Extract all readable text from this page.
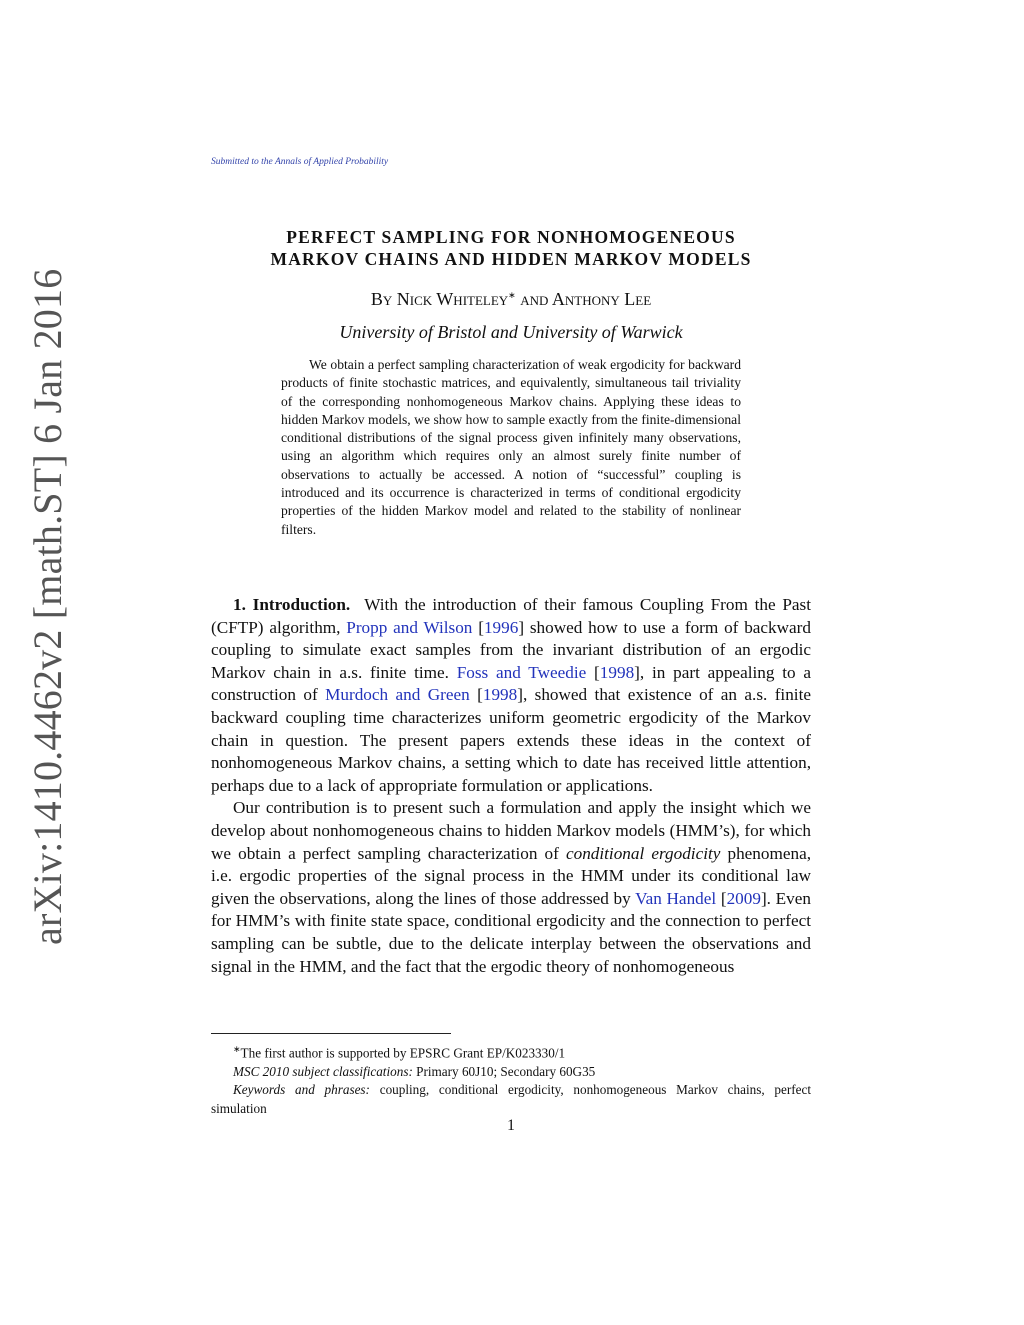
arXiv:1410.4462v2 [math.ST] 6 Jan 2016
Submitted to the Annals of Applied Probability
PERFECT SAMPLING FOR NONHOMOGENEOUS
MARKOV CHAINS AND HIDDEN MARKOV MODELS
By Nick Whiteley∗ and Anthony Lee
University of Bristol and University of Warwick
We obtain a perfect sampling characterization of weak ergodicity for backward products of finite stochastic matrices, and equivalently, simultaneous tail triviality of the corresponding nonhomogeneous Markov chains. Applying these ideas to hidden Markov models, we show how to sample exactly from the finite-dimensional conditional distributions of the signal process given infinitely many observations, using an algorithm which requires only an almost surely finite number of observations to actually be accessed. A notion of “successful” coupling is introduced and its occurrence is characterized in terms of conditional ergodicity properties of the hidden Markov model and related to the stability of nonlinear filters.

1. Introduction. With the introduction of their famous Coupling From the Past (CFTP) algorithm, Propp and Wilson [1996] showed how to use a form of backward coupling to simulate exact samples from the invariant distribution of an ergodic Markov chain in a.s. finite time. Foss and Tweedie [1998], in part appealing to a construction of Murdoch and Green [1998], showed that existence of an a.s. finite backward coupling time characterizes uniform geometric ergodicity of the Markov chain in question. The present papers extends these ideas in the context of nonhomogeneous Markov chains, a setting which to date has received little attention, perhaps due to a lack of appropriate formulation or applications.

Our contribution is to present such a formulation and apply the insight which we develop about nonhomogeneous chains to hidden Markov models (HMM’s), for which we obtain a perfect sampling characterization of conditional ergodicity phenomena, i.e. ergodic properties of the signal process in the HMM under its conditional law given the observations, along the lines of those addressed by Van Handel [2009]. Even for HMM’s with finite state space, conditional ergodicity and the connection to perfect sampling can be subtle, due to the delicate interplay between the observations and signal in the HMM, and the fact that the ergodic theory of nonhomogeneous

∗The first author is supported by EPSRC Grant EP/K023330/1

MSC 2010 subject classifications: Primary 60J10; Secondary 60G35

Keywords and phrases: coupling, conditional ergodicity, nonhomogeneous Markov chains, perfect simulation

1
